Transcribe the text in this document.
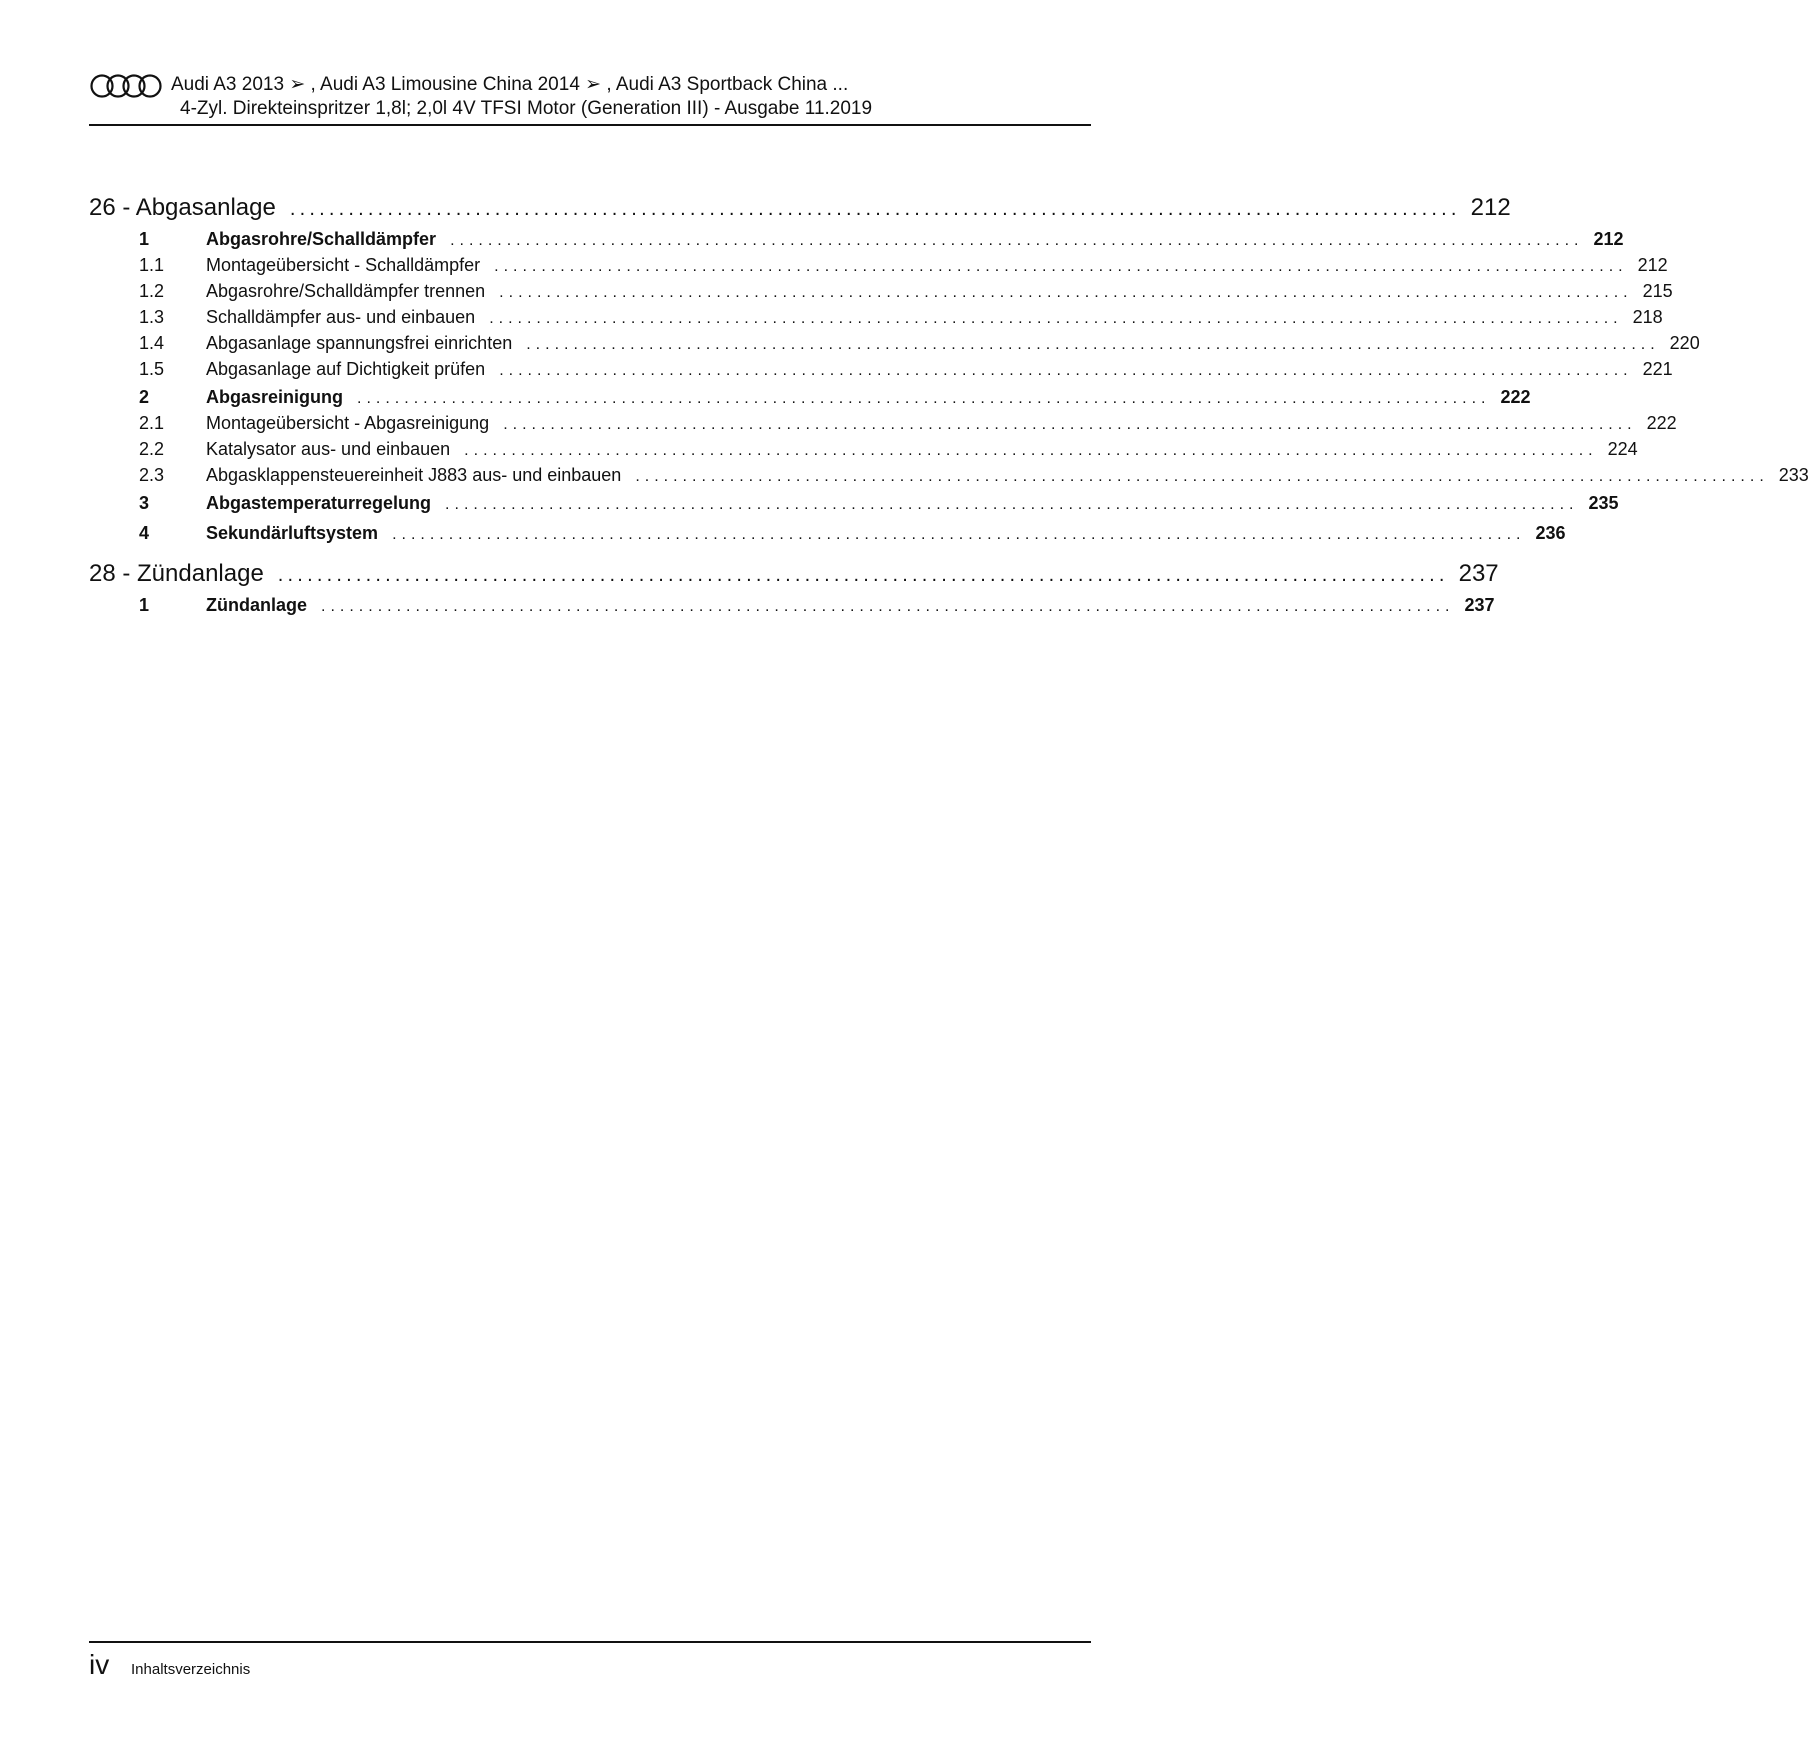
Audi A3 2013 ➢ , Audi A3 Limousine China 2014 ➢ , Audi A3 Sportback China ...
4-Zyl. Direkteinspritzer 1,8l; 2,0l 4V TFSI Motor (Generation III) - Ausgabe 11.2019
26 - Abgasanlage ........................................................................................................................ 212
1	Abgasrohre/Schalldämpfer ........................................................................................................................ 212
1.1 Montageübersicht - Schalldämpfer ........................................................................................................................ 212
1.2 Abgasrohre/Schalldämpfer trennen ........................................................................................................................ 215
1.3 Schalldämpfer aus- und einbauen ........................................................................................................................ 218
1.4 Abgasanlage spannungsfrei einrichten ........................................................................................................................ 220
1.5 Abgasanlage auf Dichtigkeit prüfen ........................................................................................................................ 221
2	Abgasreinigung ........................................................................................................................ 222
2.1 Montageübersicht - Abgasreinigung ........................................................................................................................ 222
2.2 Katalysator aus- und einbauen ........................................................................................................................ 224
2.3 Abgasklappensteuereinheit J883 aus- und einbauen ........................................................................................................................ 233
3	Abgastemperaturregelung ........................................................................................................................ 235
4	Sekundärluftsystem ........................................................................................................................ 236
28 - Zündanlage ........................................................................................................................ 237
1	Zündanlage ........................................................................................................................ 237
iv Inhaltsverzeichnis
